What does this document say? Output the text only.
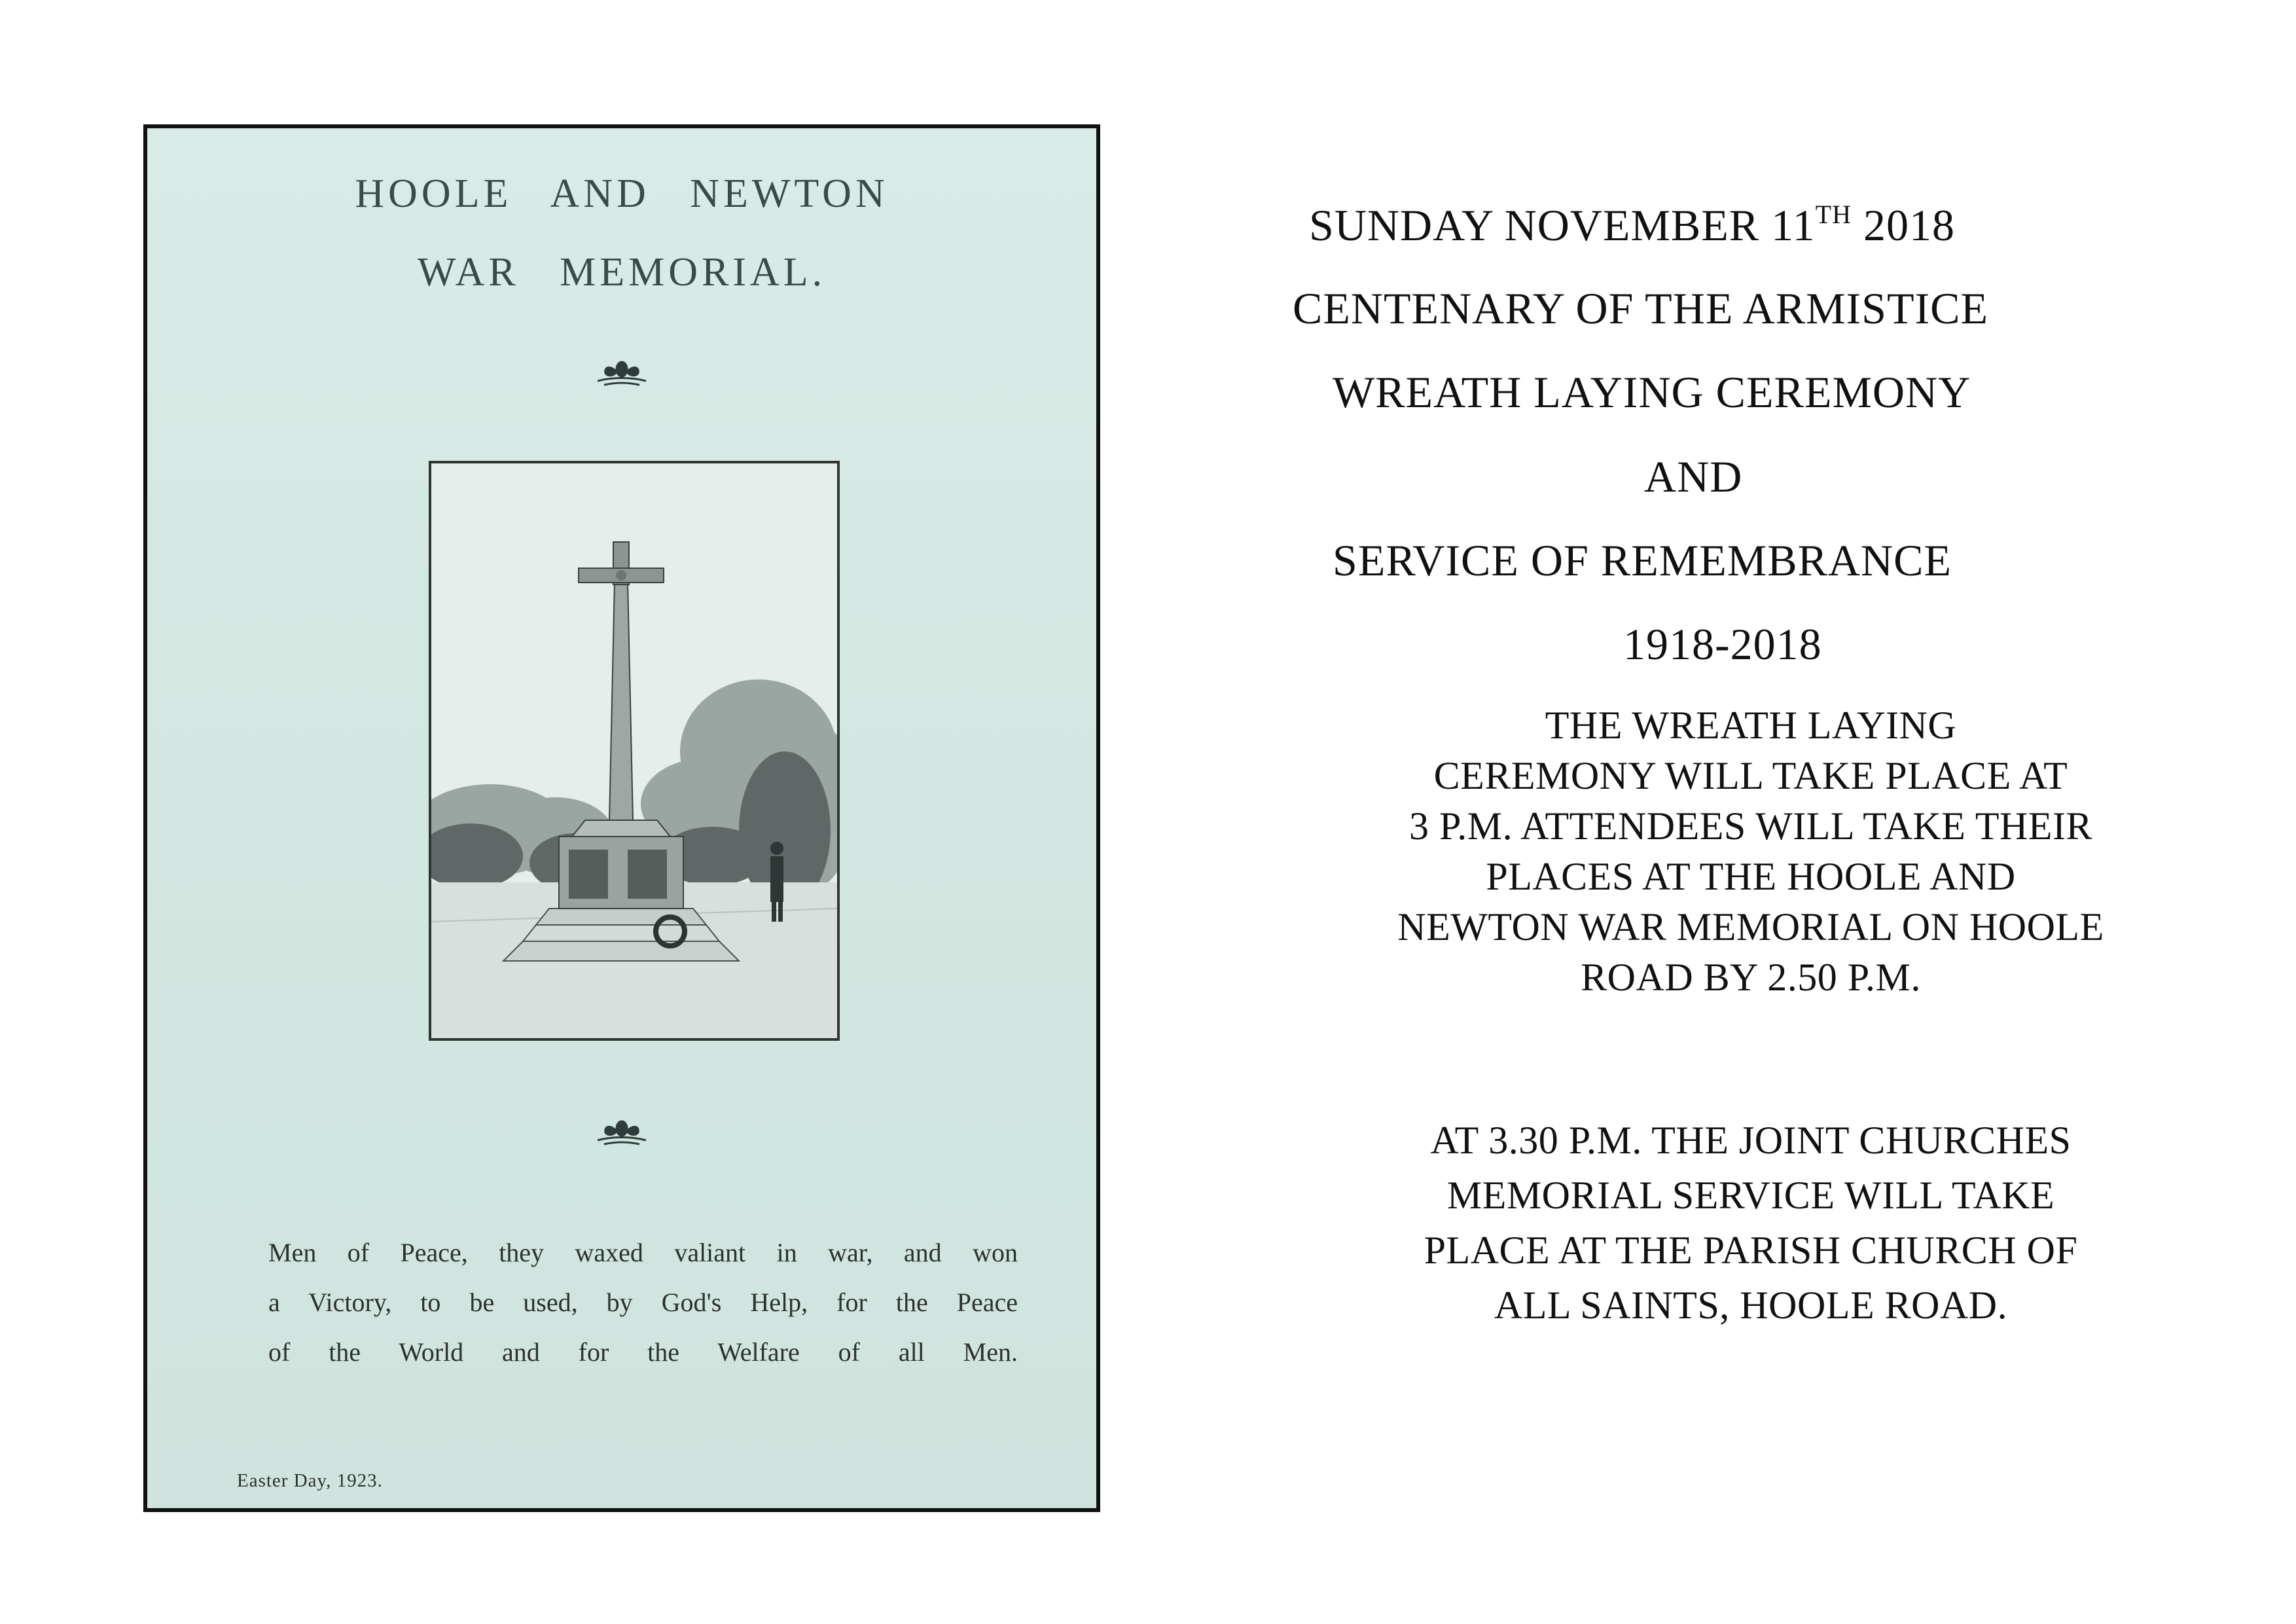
HOOLE AND NEWTON
WAR MEMORIAL.
Men of Peace, they waxed valiant in war, and won
a Victory, to be used, by God's Help, for the Peace
of the World and for the Welfare of all Men.
Easter Day, 1923.
SUNDAY NOVEMBER 11TH 2018
CENTENARY OF THE ARMISTICE
WREATH LAYING CEREMONY
AND
SERVICE OF REMEMBRANCE
1918-2018
THE WREATH LAYING
CEREMONY WILL TAKE PLACE AT
3 P.M. ATTENDEES WILL TAKE THEIR
PLACES AT THE HOOLE AND
NEWTON WAR MEMORIAL ON HOOLE
ROAD BY 2.50 P.M.
AT 3.30 P.M. THE JOINT CHURCHES
MEMORIAL SERVICE WILL TAKE
PLACE AT THE PARISH CHURCH OF
ALL SAINTS, HOOLE ROAD.
